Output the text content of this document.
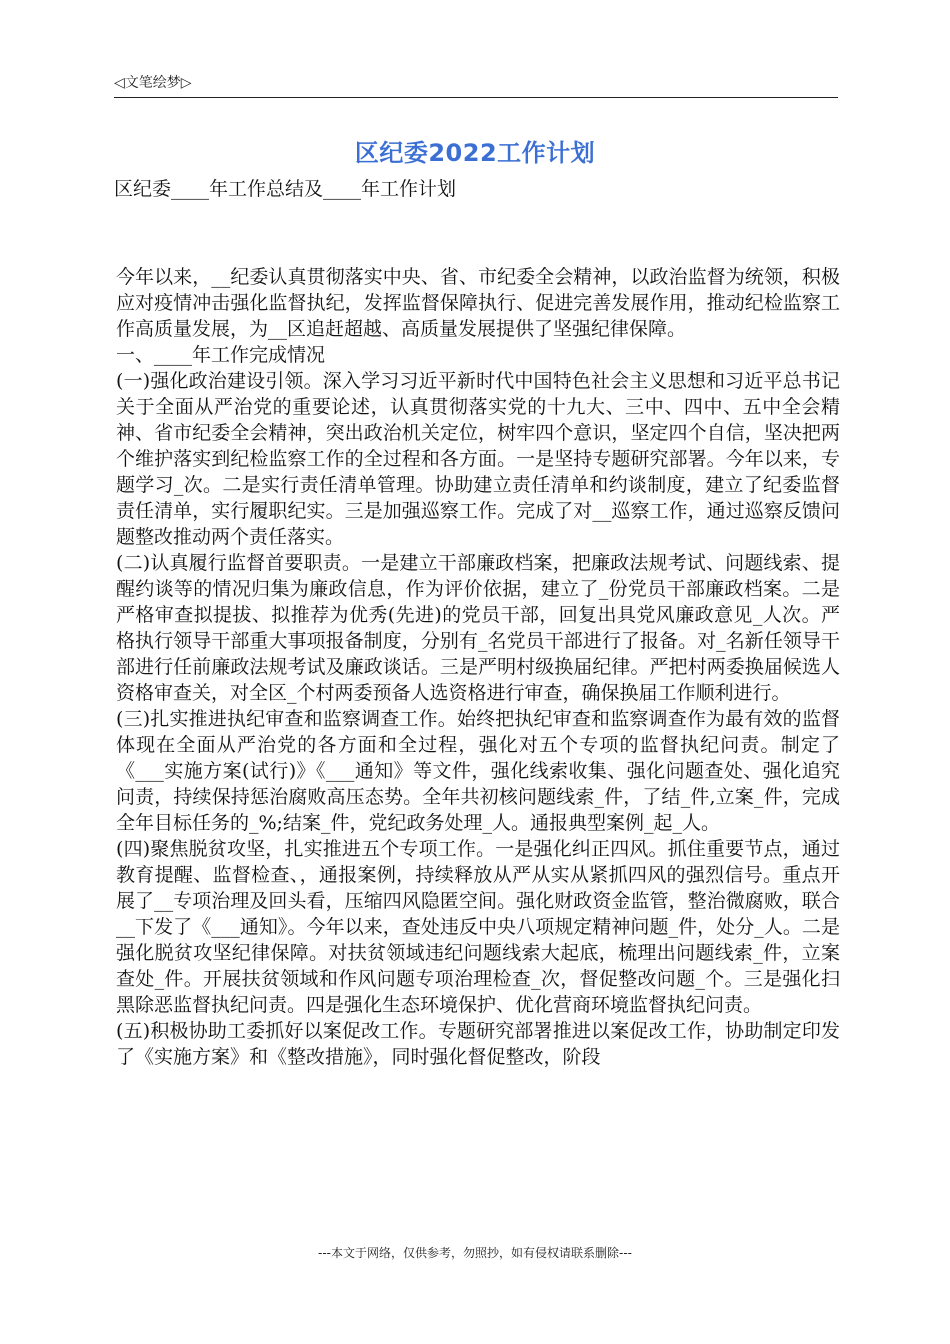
◁文笔绘梦▷
区纪委2022工作计划
区纪委____年工作总结及____年工作计划

今年以来，__纪委认真贯彻落实中央、省、市纪委全会精神，以政治监督为统领，积极应对疫情冲击强化监督执纪，发挥监督保障执行、促进完善发展作用，推动纪检监察工作高质量发展，为__区追赶超越、高质量发展提供了坚强纪律保障。

一、____年工作完成情况

(一)强化政治建设引领。深入学习习近平新时代中国特色社会主义思想和习近平总书记关于全面从严治党的重要论述，认真贯彻落实党的十九大、三中、四中、五中全会精神、省市纪委全会精神，突出政治机关定位，树牢四个意识，坚定四个自信，坚决把两个维护落实到纪检监察工作的全过程和各方面。一是坚持专题研究部署。今年以来，专题学习_次。二是实行责任清单管理。协助建立责任清单和约谈制度，建立了纪委监督责任清单，实行履职纪实。三是加强巡察工作。完成了对__巡察工作，通过巡察反馈问题整改推动两个责任落实。

(二)认真履行监督首要职责。一是建立干部廉政档案，把廉政法规考试、问题线索、提醒约谈等的情况归集为廉政信息，作为评价依据，建立了_份党员干部廉政档案。二是严格审查拟提拔、拟推荐为优秀(先进)的党员干部，回复出具党风廉政意见_人次。严格执行领导干部重大事项报备制度，分别有_名党员干部进行了报备。对_名新任领导干部进行任前廉政法规考试及廉政谈话。三是严明村级换届纪律。严把村两委换届候选人资格审查关，对全区_个村两委预备人选资格进行审查，确保换届工作顺利进行。

(三)扎实推进执纪审查和监察调查工作。始终把执纪审查和监察调查作为最有效的监督体现在全面从严治党的各方面和全过程，强化对五个专项的监督执纪问责。制定了《___实施方案(试行)》《___通知》等文件，强化线索收集、强化问题查处、强化追究问责，持续保持惩治腐败高压态势。全年共初核问题线索_件，了结_件,立案_件，完成全年目标任务的_%;结案_件，党纪政务处理_人。通报典型案例_起_人。

(四)聚焦脱贫攻坚，扎实推进五个专项工作。一是强化纠正四风。抓住重要节点，通过教育提醒、监督检查、，通报案例，持续释放从严从实从紧抓四风的强烈信号。重点开展了__专项治理及回头看，压缩四风隐匿空间。强化财政资金监管，整治微腐败，联合__下发了《___通知》。今年以来，查处违反中央八项规定精神问题_件，处分_人。二是强化脱贫攻坚纪律保障。对扶贫领域违纪问题线索大起底，梳理出问题线索_件，立案查处_件。开展扶贫领域和作风问题专项治理检查_次，督促整改问题_个。三是强化扫黑除恶监督执纪问责。四是强化生态环境保护、优化营商环境监督执纪问责。

(五)积极协助工委抓好以案促改工作。专题研究部署推进以案促改工作，协助制定印发了《实施方案》和《整改措施》，同时强化督促整改，阶段

---本文于网络，仅供参考，勿照抄，如有侵权请联系删除---
